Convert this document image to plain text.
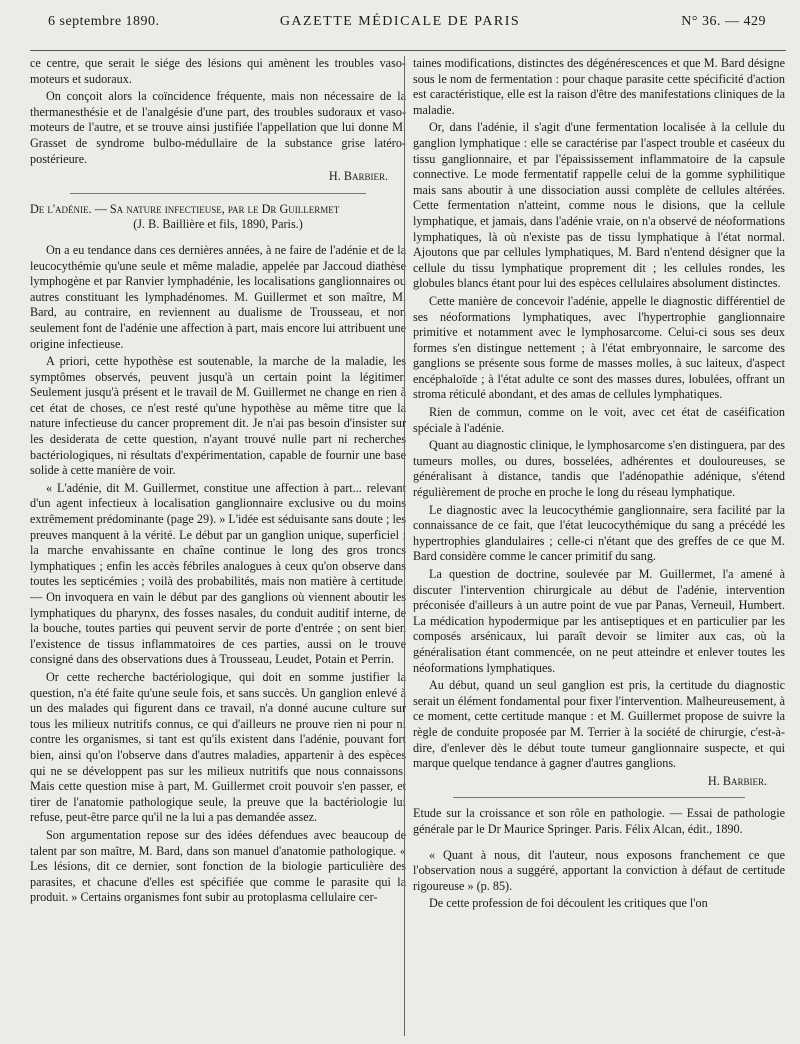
6 septembre 1890.	GAZETTE MÉDICALE DE PARIS	N° 36. — 429

ce centre, que serait le siége des lésions qui amènent les troubles vaso-moteurs et sudoraux.

On conçoit alors la coïncidence fréquente, mais non nécessaire de la thermanesthésie et de l'analgésie d'une part, des troubles sudoraux et vaso-moteurs de l'autre, et se trouve ainsi justifiée l'appellation que lui donne M. Grasset de syndrome bulbo-médullaire de la substance grise latéro-postérieure.

H. Barbier.

De l'adénie. — Sa nature infectieuse, par le Dr Guillermet

(J. B. Baillière et fils, 1890, Paris.)

On a eu tendance dans ces dernières années, à ne faire de l'adénie et de la leucocythémie qu'une seule et même maladie, appelée par Jaccoud diathèse lymphogène et par Ranvier lymphadénie, les localisations ganglionnaires ou autres constituant les lymphadénomes. M. Guillermet et son maître, M. Bard, au contraire, en reviennent au dualisme de Trousseau, et non seulement font de l'adénie une affection à part, mais encore lui attribuent une origine infectieuse.

A priori, cette hypothèse est soutenable, la marche de la maladie, les symptômes observés, peuvent jusqu'à un certain point la légitimer. Seulement jusqu'à présent et le travail de M. Guillermet ne change en rien à cet état de choses, ce n'est resté qu'une hypothèse au même titre que la nature infectieuse du cancer proprement dit. Je n'ai pas besoin d'insister sur les desiderata de cette question, n'ayant trouvé nulle part ni recherches bactériologiques, ni résultats d'expérimentation, capable de fournir une base solide à cette manière de voir.

« L'adénie, dit M. Guillermet, constitue une affection à part... relevant d'un agent infectieux à localisation ganglionnaire exclusive ou du moins extrêmement prédominante (page 29). » L'idée est séduisante sans doute ; les preuves manquent à la vérité. Le début par un ganglion unique, superficiel ; la marche envahissante en chaîne continue le long des gros troncs lymphatiques ; enfin les accès fébriles analogues à ceux qu'on observe dans toutes les septicémies ; voilà des probabilités, mais non matière à certitude. — On invoquera en vain le début par des ganglions où viennent aboutir les lymphatiques du pharynx, des fosses nasales, du conduit auditif interne, de la bouche, toutes parties qui peuvent servir de porte d'entrée ; on sent bien l'existence de tissus inflammatoires de ces parties, aussi on le trouve consigné dans des observations dues à Trousseau, Leudet, Potain et Perrin.

Or cette recherche bactériologique, qui doit en somme justifier la question, n'a été faite qu'une seule fois, et sans succès. Un ganglion enlevé à un des malades qui figurent dans ce travail, n'a donné aucune culture sur tous les milieux nutritifs connus, ce qui d'ailleurs ne prouve rien ni pour ni contre les organismes, si tant est qu'ils existent dans l'adénie, pouvant fort bien, ainsi qu'on l'observe dans d'autres maladies, appartenir à des espèces qui ne se développent pas sur les milieux nutritifs que nous connaissons. Mais cette question mise à part, M. Guillermet croit pouvoir s'en passer, et tirer de l'anatomie pathologique seule, la preuve que la bactériologie lui refuse, peut-être parce qu'il ne la lui a pas demandée assez.

Son argumentation repose sur des idées défendues avec beaucoup de talent par son maître, M. Bard, dans son manuel d'anatomie pathologique. « Les lésions, dit ce dernier, sont fonction de la biologie particulière des parasites, et chacune d'elles est spécifiée que comme le parasite qui la produit. » Certains organismes font subir au protoplasma cellulaire cer-

taines modifications, distinctes des dégénérescences et que M. Bard désigne sous le nom de fermentation : pour chaque parasite cette spécificité d'action est caractéristique, elle est la raison d'être des manifestations cliniques de la maladie.

Or, dans l'adénie, il s'agit d'une fermentation localisée à la cellule du ganglion lymphatique : elle se caractérise par l'aspect trouble et caséeux du tissu ganglionnaire, et par l'épaississement inflammatoire de la capsule connective. Le mode fermentatif rappelle celui de la gomme syphilitique mais sans aboutir à une dissociation aussi complète de cellules altérées. Cette fermentation n'atteint, comme nous le disions, que la cellule lymphatique, et jamais, dans l'adénie vraie, on n'a observé de néoformations lymphatiques, là où n'existe pas de tissu lymphatique à l'état normal. Ajoutons que par cellules lymphatiques, M. Bard n'entend désigner que la cellule du tissu lymphatique proprement dit ; les cellules rondes, les globules blancs étant pour lui des espèces cellulaires absolument distinctes.

Cette manière de concevoir l'adénie, appelle le diagnostic différentiel de ses néoformations lymphatiques, avec l'hypertrophie ganglionnaire primitive et notamment avec le lymphosarcome. Celui-ci sous ses deux formes s'en distingue nettement ; à l'état embryonnaire, le sarcome des ganglions se présente sous forme de masses molles, à suc laiteux, d'aspect encéphaloïde ; à l'état adulte ce sont des masses dures, lobulées, offrant un stroma réticulé abondant, et des amas de cellules lymphatiques.

Rien de commun, comme on le voit, avec cet état de caséification spéciale à l'adénie.

Quant au diagnostic clinique, le lymphosarcome s'en distinguera, par des tumeurs molles, ou dures, bosselées, adhérentes et douloureuses, se généralisant à distance, tandis que l'adénopathie adénique, s'étend régulièrement de proche en proche le long du réseau lymphatique.

Le diagnostic avec la leucocythémie ganglionnaire, sera facilité par la connaissance de ce fait, que l'état leucocythémique du sang a précédé les hypertrophies glandulaires ; celle-ci n'étant que des greffes de ce que M. Bard considère comme le cancer primitif du sang.

La question de doctrine, soulevée par M. Guillermet, l'a amené à discuter l'intervention chirurgicale au début de l'adénie, intervention préconisée d'ailleurs à un autre point de vue par Panas, Verneuil, Humbert. La médication hypodermique par les antiseptiques et en particulier par les composés arsénicaux, lui paraît devoir se limiter aux cas, où la généralisation étant commencée, on ne peut atteindre et enlever toutes les néoformations lymphatiques.

Au début, quand un seul ganglion est pris, la certitude du diagnostic serait un élément fondamental pour fixer l'intervention. Malheureusement, à ce moment, cette certitude manque : et M. Guillermet propose de suivre la règle de conduite proposée par M. Terrier à la société de chirurgie, c'est-à-dire, d'enlever dès le début toute tumeur ganglionnaire suspecte, et qui marque quelque tendance à gagner d'autres ganglions.

H. Barbier.

Etude sur la croissance et son rôle en pathologie. — Essai de pathologie générale par le Dr Maurice Springer. Paris. Félix Alcan, édit., 1890.

« Quant à nous, dit l'auteur, nous exposons franchement ce que l'observation nous a suggéré, apportant la conviction à défaut de certitude rigoureuse » (p. 85).

De cette profession de foi découlent les critiques que l'on
